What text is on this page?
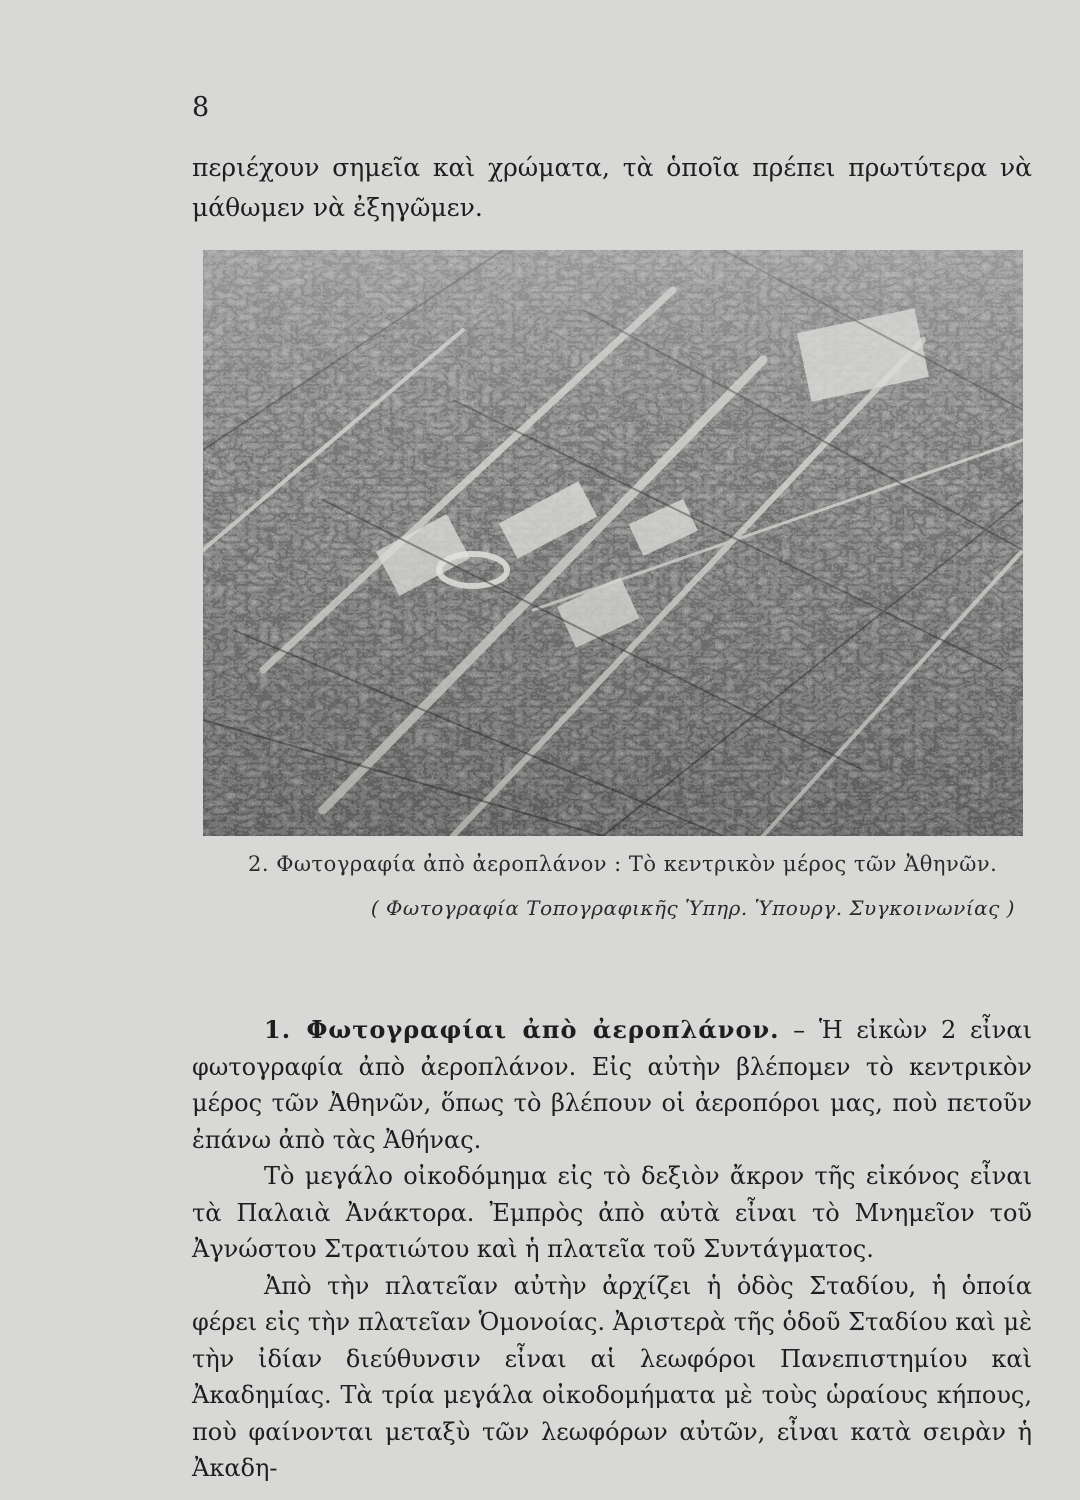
8

περιέχουν σημεῖα καὶ χρώματα, τὰ ὁποῖα πρέπει πρωτύτερα νὰ μάθωμεν νὰ ἐξηγῶμεν.

2. Φωτογραφία ἀπὸ ἀεροπλάνον : Τὸ κεντρικὸν μέρος τῶν Ἀθηνῶν.
( Φωτογραφία Τοπογραφικῆς Ὑπηρ. Ὑπουργ. Συγκοινωνίας )

1. Φωτογραφίαι ἀπὸ ἀεροπλάνον. – Ἡ εἰκὼν 2 εἶναι φωτογραφία ἀπὸ ἀεροπλάνον. Εἰς αὐτὴν βλέπομεν τὸ κεντρικὸν μέρος τῶν Ἀθηνῶν, ὅπως τὸ βλέπουν οἱ ἀεροπόροι μας, ποὺ πετοῦν ἐπάνω ἀπὸ τὰς Ἀθήνας.

Τὸ μεγάλο οἰκοδόμημα εἰς τὸ δεξιὸν ἄκρον τῆς εἰκόνος εἶναι τὰ Παλαιὰ Ἀνάκτορα. Ἐμπρὸς ἀπὸ αὐτὰ εἶναι τὸ Μνημεῖον τοῦ Ἀγνώστου Στρατιώτου καὶ ἡ πλατεῖα τοῦ Συντάγματος.

Ἀπὸ τὴν πλατεῖαν αὐτὴν ἀρχίζει ἡ ὁδὸς Σταδίου, ἡ ὁποία φέρει εἰς τὴν πλατεῖαν Ὁμονοίας. Ἀριστερὰ τῆς ὁδοῦ Σταδίου καὶ μὲ τὴν ἰδίαν διεύθυνσιν εἶναι αἱ λεωφόροι Πανεπιστημίου καὶ Ἀκαδημίας. Τὰ τρία μεγάλα οἰκοδομήματα μὲ τοὺς ὡραίους κήπους, ποὺ φαίνονται μεταξὺ τῶν λεωφόρων αὐτῶν, εἶναι κατὰ σειρὰν ἡ Ἀκαδη-
